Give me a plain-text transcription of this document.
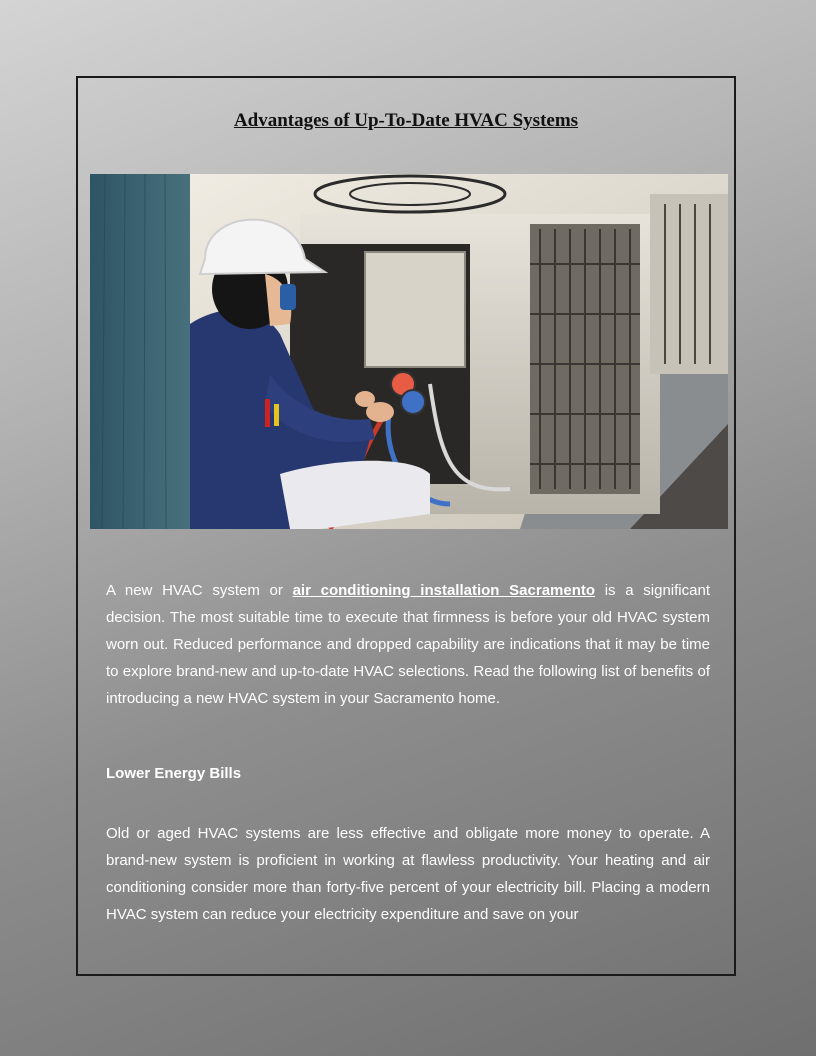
Advantages of Up-To-Date HVAC Systems

A new HVAC system or air conditioning installation Sacramento is a significant decision. The most suitable time to execute that firmness is before your old HVAC system worn out. Reduced performance and dropped capability are indications that it may be time to explore brand-new and up-to-date HVAC selections. Read the following list of benefits of introducing a new HVAC system in your Sacramento home.

Lower Energy Bills

Old or aged HVAC systems are less effective and obligate more money to operate. A brand-new system is proficient in working at flawless productivity. Your heating and air conditioning consider more than forty-five percent of your electricity bill. Placing a modern HVAC system can reduce your electricity expenditure and save on your
